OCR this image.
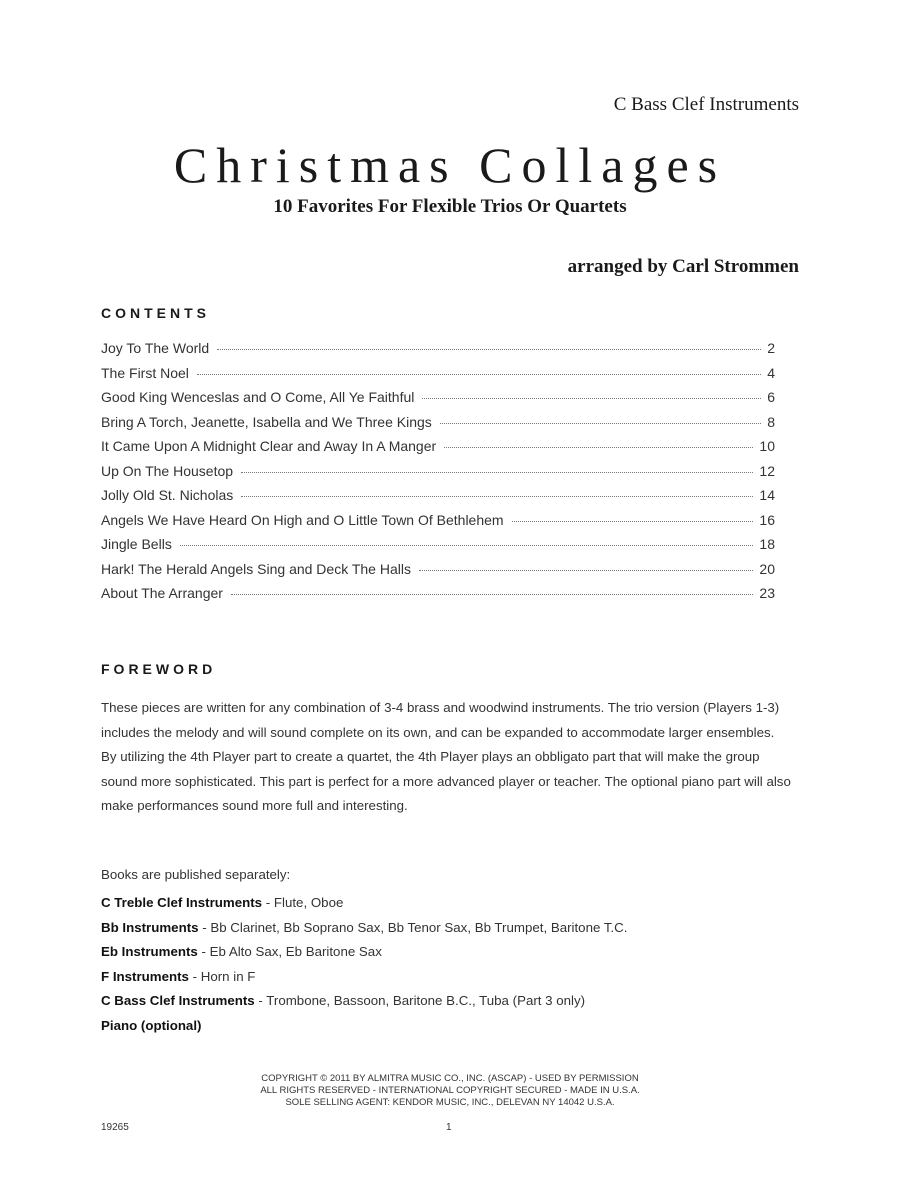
C Bass Clef Instruments
Christmas Collages
10 Favorites For Flexible Trios Or Quartets
arranged by Carl Strommen
CONTENTS
Joy To The World	2
The First Noel	4
Good King Wenceslas and O Come, All Ye Faithful	6
Bring A Torch, Jeanette, Isabella and We Three Kings	8
It Came Upon A Midnight Clear and Away In A Manger	10
Up On The Housetop	12
Jolly Old St. Nicholas	14
Angels We Have Heard On High and O Little Town Of Bethlehem	16
Jingle Bells	18
Hark! The Herald Angels Sing and Deck The Halls	20
About The Arranger	23
FOREWORD

These pieces are written for any combination of 3-4 brass and woodwind instruments. The trio version (Players 1-3) includes the melody and will sound complete on its own, and can be expanded to accommodate larger ensembles. By utilizing the 4th Player part to create a quartet, the 4th Player plays an obbligato part that will make the group sound more sophisticated. This part is perfect for a more advanced player or teacher. The optional piano part will also make performances sound more full and interesting.

Books are published separately:
C Treble Clef Instruments - Flute, Oboe
Bb Instruments - Bb Clarinet, Bb Soprano Sax, Bb Tenor Sax, Bb Trumpet, Baritone T.C.
Eb Instruments - Eb Alto Sax, Eb Baritone Sax
F Instruments - Horn in F
C Bass Clef Instruments - Trombone, Bassoon, Baritone B.C., Tuba (Part 3 only)
Piano (optional)
COPYRIGHT © 2011 BY ALMITRA MUSIC CO., INC. (ASCAP) - USED BY PERMISSION
ALL RIGHTS RESERVED - INTERNATIONAL COPYRIGHT SECURED - MADE IN U.S.A.
SOLE SELLING AGENT: KENDOR MUSIC, INC., DELEVAN NY 14042 U.S.A.
19265	1
